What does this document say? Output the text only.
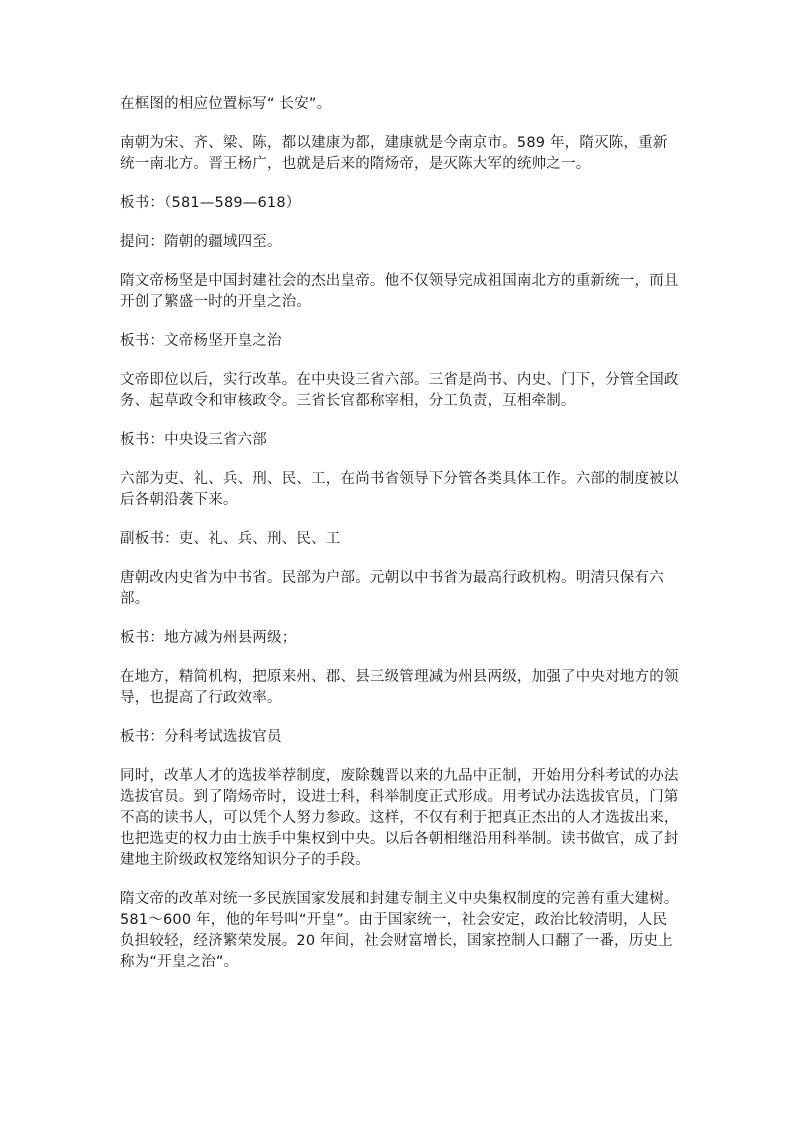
在框图的相应位置标写“ 长安”。

南朝为宋、齐、梁、陈，都以建康为都，建康就是今南京市。589 年，隋灭陈，重新统一南北方。晋王杨广，也就是后来的隋炀帝，是灭陈大军的统帅之一。

板书：（581—589—618）

提问：隋朝的疆域四至。

隋文帝杨坚是中国封建社会的杰出皇帝。他不仅领导完成祖国南北方的重新统一，而且开创了繁盛一时的开皇之治。

板书：文帝杨坚开皇之治

文帝即位以后，实行改革。在中央设三省六部。三省是尚书、内史、门下，分管全国政务、起草政令和审核政令。三省长官都称宰相，分工负责，互相牵制。

板书：中央设三省六部

六部为吏、礼、兵、刑、民、工，在尚书省领导下分管各类具体工作。六部的制度被以后各朝沿袭下来。

副板书：吏、礼、兵、刑、民、工

唐朝改内史省为中书省。民部为户部。元朝以中书省为最高行政机构。明清只保有六部。

板书：地方减为州县两级；

在地方，精简机构，把原来州、郡、县三级管理减为州县两级，加强了中央对地方的领导，也提高了行政效率。

板书：分科考试选拔官员

同时，改革人才的选拔举荐制度，废除魏晋以来的九品中正制，开始用分科考试的办法选拔官员。到了隋炀帝时，设进士科，科举制度正式形成。用考试办法选拔官员，门第不高的读书人，可以凭个人努力参政。这样，不仅有利于把真正杰出的人才选拔出来，也把选吏的权力由士族手中集权到中央。以后各朝相继沿用科举制。读书做官，成了封建地主阶级政权笼络知识分子的手段。

隋文帝的改革对统一多民族国家发展和封建专制主义中央集权制度的完善有重大建树。581～600 年，他的年号叫“开皇”。由于国家统一，社会安定，政治比较清明，人民负担较轻，经济繁荣发展。20 年间，社会财富增长，国家控制人口翻了一番，历史上称为“开皇之治”。
